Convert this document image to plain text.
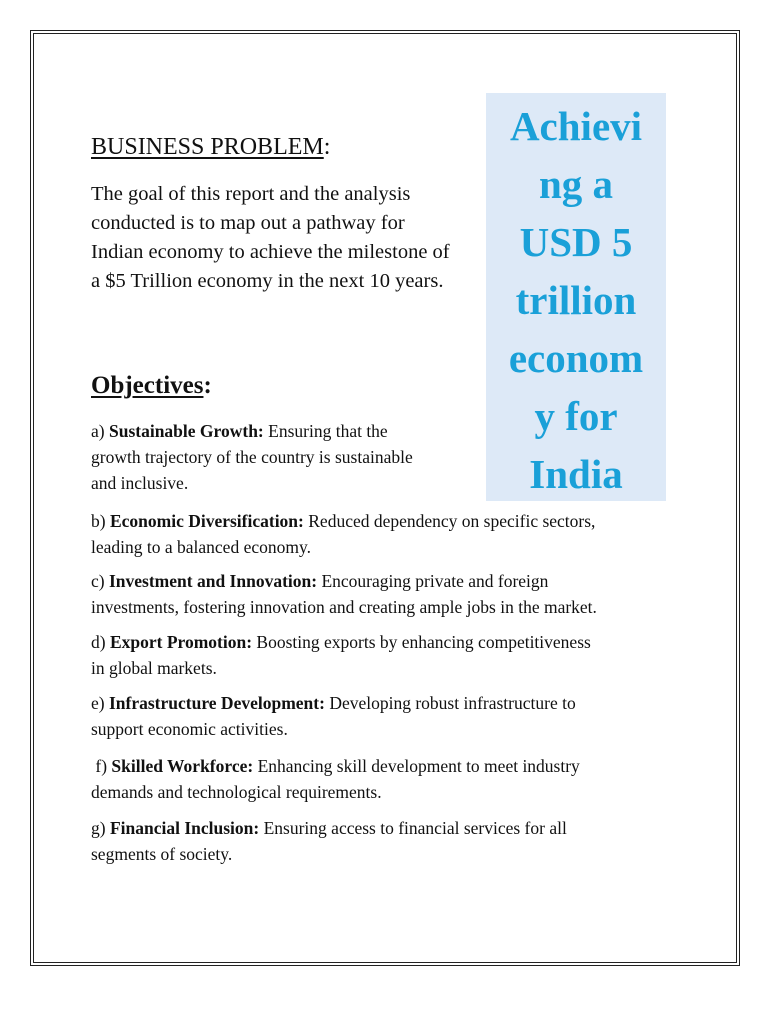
BUSINESS PROBLEM:

The goal of this report and the analysis conducted is to map out a pathway for Indian economy to achieve the milestone of a $5 Trillion economy in the next 10 years.

Achievi
ng a
USD 5
trillion
econom
y for
India
Objectives:
a) Sustainable Growth: Ensuring that the
growth trajectory of the country is sustainable
and inclusive.
b) Economic Diversification: Reduced dependency on specific sectors,
leading to a balanced economy.
c) Investment and Innovation: Encouraging private and foreign
investments, fostering innovation and creating ample jobs in the market.
d) Export Promotion: Boosting exports by enhancing competitiveness
in global markets.
e) Infrastructure Development: Developing robust infrastructure to
support economic activities.
f) Skilled Workforce: Enhancing skill development to meet industry
demands and technological requirements.
g) Financial Inclusion: Ensuring access to financial services for all
segments of society.
